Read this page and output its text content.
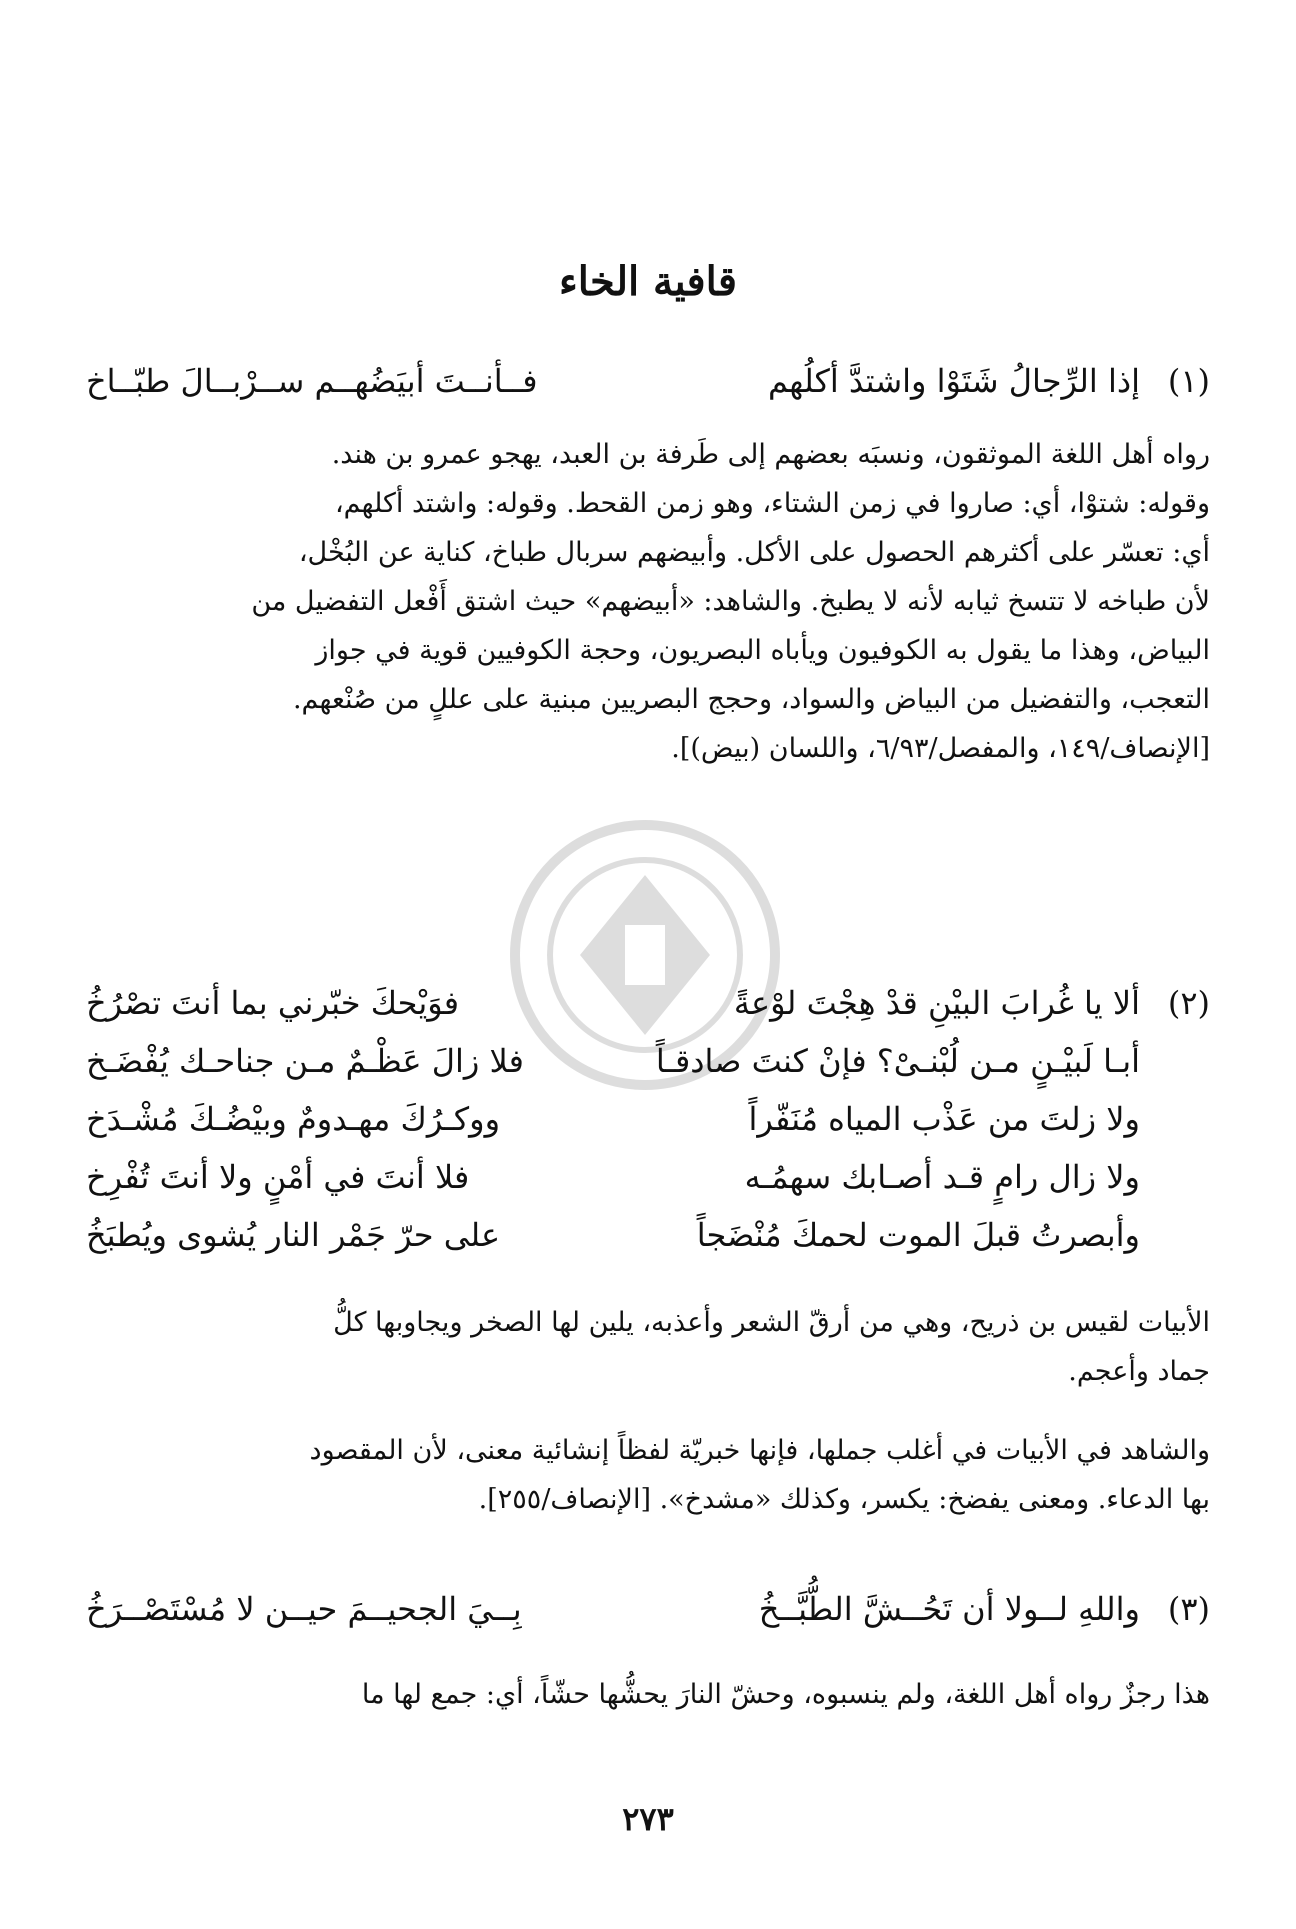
قافية الخاء
(١)
إذا الرِّجالُ شَتَوْا واشتدَّ أكلُهم
فــأنــتَ أبيَضُهــم ســرْبــالَ طبّــاخ

رواه أهل اللغة الموثقون، ونسبَه بعضهم إلى طَرفة بن العبد، يهجو عمرو بن هند.
وقوله: شتوْا، أي: صاروا في زمن الشتاء، وهو زمن القحط. وقوله: واشتد أكلهم،
أي: تعسّر على أكثرهم الحصول على الأكل. وأبيضهم سربال طباخ، كناية عن البُخْل،
لأن طباخه لا تتسخ ثيابه لأنه لا يطبخ. والشاهد: «أبيضهم» حيث اشتق أَفْعل التفضيل من
البياض، وهذا ما يقول به الكوفيون ويأباه البصريون، وحجة الكوفيين قوية في جواز
التعجب، والتفضيل من البياض والسواد، وحجج البصريين مبنية على عللٍ من صُنْعهم.
[الإنصاف/١٤٩، والمفصل/٦/٩٣، واللسان (بيض)].

(٢)
ألا يا غُرابَ البيْنِ قدْ هِجْتَ لوْعةً
فوَيْحكَ خبّرني بما أنتَ تصْرُخُ
أبـا لَبيْـنٍ مـن لُبْنـىْ؟ فإنْ كنتَ صادقـاً
فلا زالَ عَظْـمٌ مـن جناحـك يُفْضَـخ
ولا زلتَ من عَذْب المياه مُنَفّراً
ووكـرُكَ مهـدومٌ وبيْضُـكَ مُشْـدَخ
ولا زال رامٍ قـد أصـابك سهمُـه
فلا أنتَ في أمْنٍ ولا أنتَ تُفْرِخ
وأبصرتُ قبلَ الموت لحمكَ مُنْضَجاً
على حرّ جَمْر النار يُشوى ويُطبَخُ

الأبيات لقيس بن ذريح، وهي من أرقّ الشعر وأعذبه، يلين لها الصخر ويجاوبها كلُّ
جماد وأعجم.

والشاهد في الأبيات في أغلب جملها، فإنها خبريّة لفظاً إنشائية معنى، لأن المقصود
بها الدعاء. ومعنى يفضخ: يكسر، وكذلك «مشدخ». [الإنصاف/٢٥٥].

(٣)
واللهِ لــولا أن تَحُــشَّ الطُّبَّــخُ
بِــيَ الجحيــمَ حيــن لا مُسْتَصْــرَخُ

هذا رجزٌ رواه أهل اللغة، ولم ينسبوه، وحشّ النارَ يحشُّها حشّاً، أي: جمع لها ما

٢٧٣
